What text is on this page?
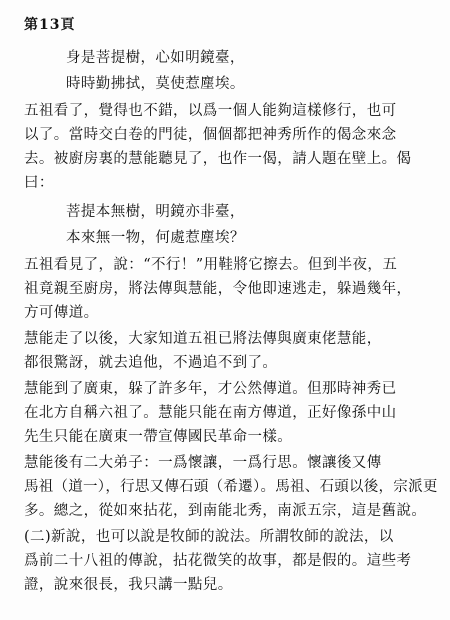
第13頁
身是菩提樹，心如明鏡臺，
時時勤拂拭，莫使惹塵埃。
五祖看了，覺得也不錯，以爲一個人能夠這樣修行，也可
以了。當時交白卷的門徒，個個都把神秀所作的偈念來念
去。被廚房裏的慧能聽見了，也作一偈，請人題在壁上。偈
曰：
菩提本無樹，明鏡亦非臺，
本來無一物，何處惹塵埃？
五祖看見了，說：“不行！”用鞋將它擦去。但到半夜，五
祖竟親至廚房，將法傳與慧能，令他即速逃走，躲過幾年，
方可傳道。
慧能走了以後，大家知道五祖已將法傳與廣東佬慧能，
都很驚訝，就去追他，不過追不到了。
慧能到了廣東，躲了許多年，才公然傳道。但那時神秀已
在北方自稱六祖了。慧能只能在南方傳道，正好像孫中山
先生只能在廣東一帶宣傳國民革命一樣。
慧能後有二大弟子：一爲懷讓，一爲行思。懷讓後又傳
馬祖（道一），行思又傳石頭（希遷）。馬祖、石頭以後，宗派更
多。總之，從如來拈花，到南能北秀，南派五宗，這是舊說。
(二)新說，也可以說是牧師的說法。所謂牧師的說法，以
爲前二十八祖的傳說，拈花微笑的故事，都是假的。這些考
證，說來很長，我只講一點兒。
